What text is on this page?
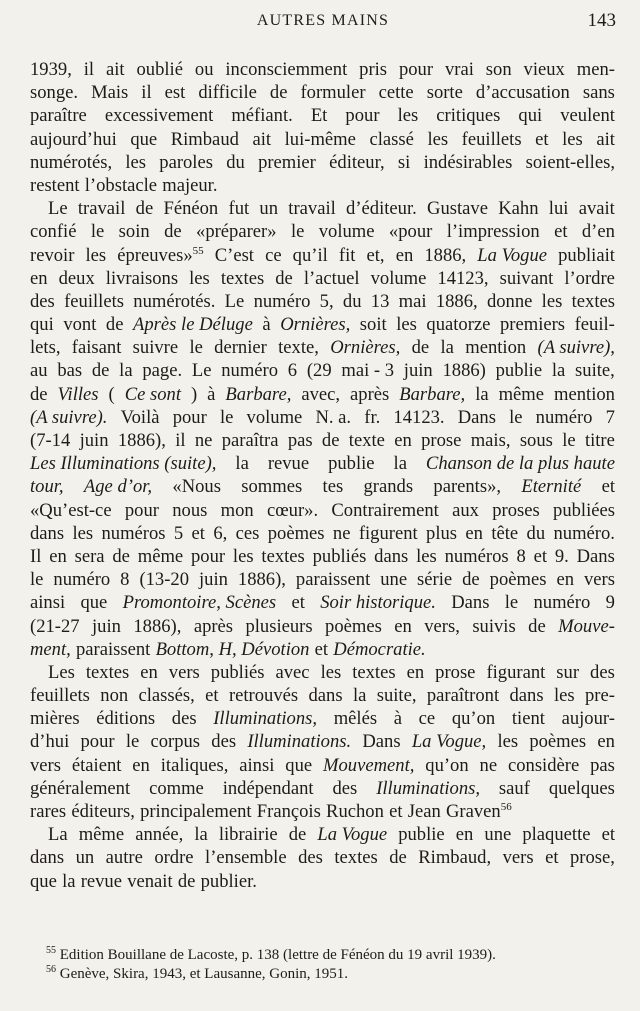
AUTRES MAINS	143
1939, il ait oublié ou inconsciemment pris pour vrai son vieux men-
songe. Mais il est difficile de formuler cette sorte d’accusation sans
paraître excessivement méfiant. Et pour les critiques qui veulent
aujourd’hui que Rimbaud ait lui-même classé les feuillets et les ait
numérotés, les paroles du premier éditeur, si indésirables soient-elles,
restent l’obstacle majeur.
Le travail de Fénéon fut un travail d’éditeur. Gustave Kahn lui avait
confié le soin de «préparer» le volume «pour l’impression et d’en
revoir les épreuves»$^{55}$ C’est ce qu’il fit et, en 1886, La Vogue publiait
en deux livraisons les textes de l’actuel volume 14123, suivant l’ordre
des feuillets numérotés. Le numéro 5, du 13 mai 1886, donne les textes
qui vont de Après le Déluge à Ornières, soit les quatorze premiers feuil-
lets, faisant suivre le dernier texte, Ornières, de la mention (A suivre),
au bas de la page. Le numéro 6 (29 mai - 3 juin 1886) publie la suite,
de Villes ( Ce sont ) à Barbare, avec, après Barbare, la même mention
(A suivre). Voilà pour le volume N. a. fr. 14123. Dans le numéro 7
(7-14 juin 1886), il ne paraîtra pas de texte en prose mais, sous le titre
Les Illuminations (suite), la revue publie la Chanson de la plus haute
tour, Age d’or, «Nous sommes tes grands parents», Eternité et
«Qu’est-ce pour nous mon cœur». Contrairement aux proses publiées
dans les numéros 5 et 6, ces poèmes ne figurent plus en tête du numéro.
Il en sera de même pour les textes publiés dans les numéros 8 et 9. Dans
le numéro 8 (13-20 juin 1886), paraissent une série de poèmes en vers
ainsi que Promontoire, Scènes et Soir historique. Dans le numéro 9
(21-27 juin 1886), après plusieurs poèmes en vers, suivis de Mouve-
ment, paraissent Bottom, H, Dévotion et Démocratie.
Les textes en vers publiés avec les textes en prose figurant sur des
feuillets non classés, et retrouvés dans la suite, paraîtront dans les pre-
mières éditions des Illuminations, mêlés à ce qu’on tient aujour-
d’hui pour le corpus des Illuminations. Dans La Vogue, les poèmes en
vers étaient en italiques, ainsi que Mouvement, qu’on ne considère pas
généralement comme indépendant des Illuminations, sauf quelques
rares éditeurs, principalement François Ruchon et Jean Graven$^{56}$
La même année, la librairie de La Vogue publie en une plaquette et
dans un autre ordre l’ensemble des textes de Rimbaud, vers et prose,
que la revue venait de publier.
$^{55}$ Edition Bouillane de Lacoste, p. 138 (lettre de Fénéon du 19 avril 1939).
$^{56}$ Genève, Skira, 1943, et Lausanne, Gonin, 1951.
